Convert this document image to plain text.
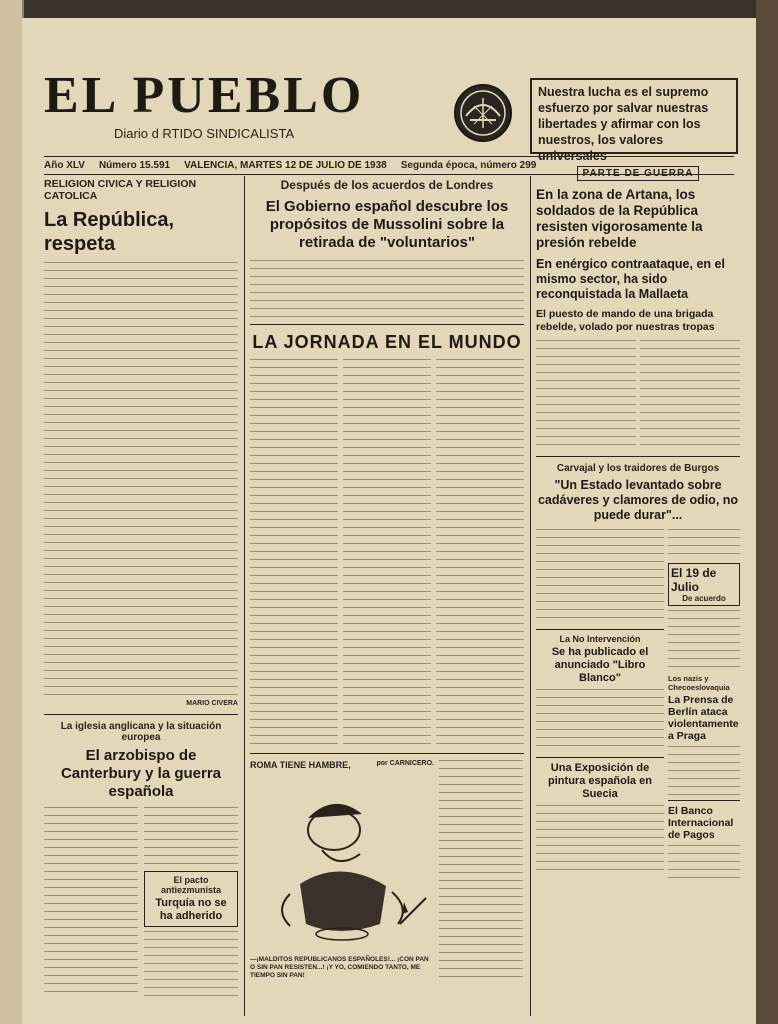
EL PUEBLO
Diario d RTIDO SINDICALISTA
Nuestra lucha es el supremo esfuerzo por salvar nuestras libertades y afirmar con los nuestros, los valores universales
Año XLV Número 15.591 VALENCIA, MARTES 12 DE JULIO DE 1938 Segunda época, número 299

RELIGION CIVICA Y RELIGION CATOLICA

La República, respeta

MARIO CIVERA

La iglesia anglicana y la situación europea

El arzobispo de Canterbury y la guerra española

El pacto antiezmunista

Turquía no se ha adherido

Después de los acuerdos de Londres

El Gobierno español descubre los propósitos de Mussolini sobre la retirada de "voluntarios"

LA JORNADA EN EL MUNDO

ROMA TIENE HAMBRE,	por CARNICERO.

—¡MALDITOS REPUBLICANOS ESPAÑOLES!... ¡CON PAN O SIN PAN RESISTEN...! ¡Y YO, COMIENDO TANTO, ME TIEMPO SIN PAN!

PARTE DE GUERRA

En la zona de Artana, los soldados de la República resisten vigorosamente la presión rebelde

En enérgico contraataque, en el mismo sector, ha sido reconquistada la Mallaeta

El puesto de mando de una brigada rebelde, volado por nuestras tropas

Carvajal y los traidores de Burgos

"Un Estado levantado sobre cadáveres y clamores de odio, no puede durar"...

La No Intervención

Se ha publicado el anunciado "Libro Blanco"

Una Exposición de pintura española en Suecia

El 19 de Julio

De acuerdo

Los nazis y Checoeslovaquia

La Prensa de Berlín ataca violentamente a Praga

El Banco Internacional de Pagos
